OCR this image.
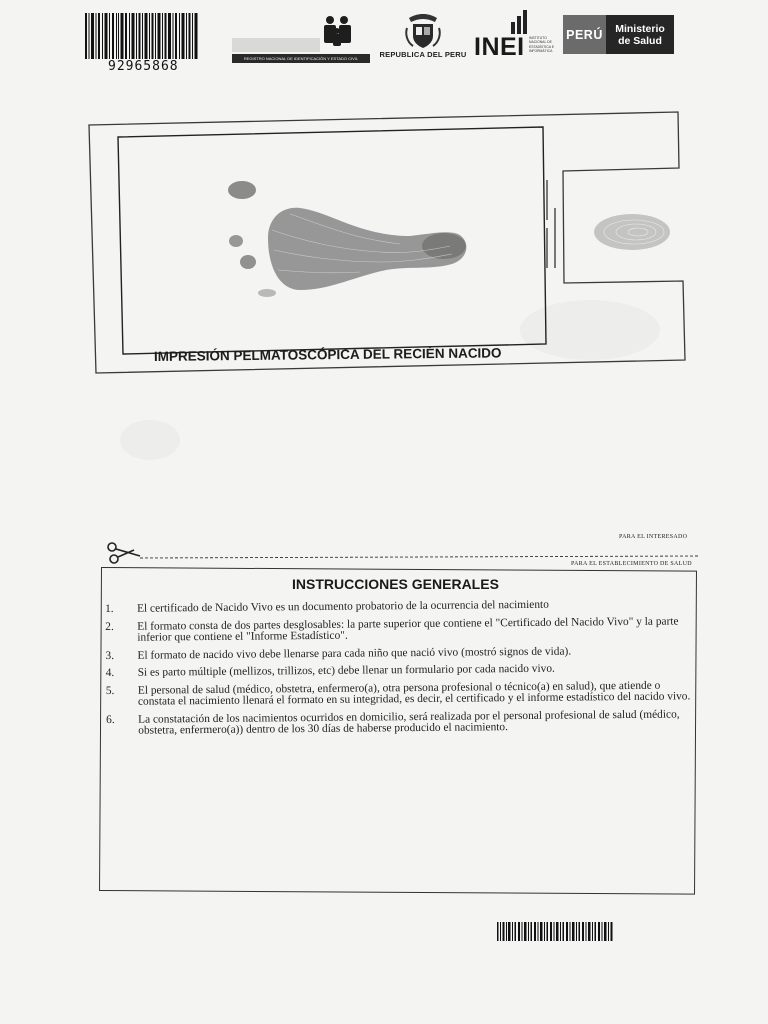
92965868
REGISTRO NACIONAL DE IDENTIFICACIÓN Y ESTADO CIVIL	REPUBLICA DEL PERU INEI INSTITUTO NACIONAL DE ESTADÍSTICA E INFORMÁTICA
PERÚ Ministerio
de Salud
IMPRESIÓN PELMATOSCÓPICA DEL RECIÉN NACIDO
PARA EL INTERESADO
PARA EL ESTABLECIMIENTO DE SALUD
INSTRUCCIONES GENERALES
1.	El certificado de Nacido Vivo es un documento probatorio de la ocurrencia del nacimiento
2.	El formato consta de dos partes desglosables: la parte superior que contiene el "Certificado del Nacido Vivo" y la parte inferior que contiene el "Informe Estadístico".
3.	El formato de nacido vivo debe llenarse para cada niño que nació vivo (mostró signos de vida).
4.	Si es parto múltiple (mellizos, trillizos, etc) debe llenar un formulario por cada nacido vivo.
5.	El personal de salud (médico, obstetra, enfermero(a), otra persona profesional o técnico(a) en salud), que atiende o constata el nacimiento llenará el formato en su integridad, es decir, el certificado y el informe estadístico del nacido vivo.
6.	La constatación de los nacimientos ocurridos en domicilio, será realizada por el personal profesional de salud (médico, obstetra, enfermero(a)) dentro de los 30 días de haberse producido el nacimiento.
